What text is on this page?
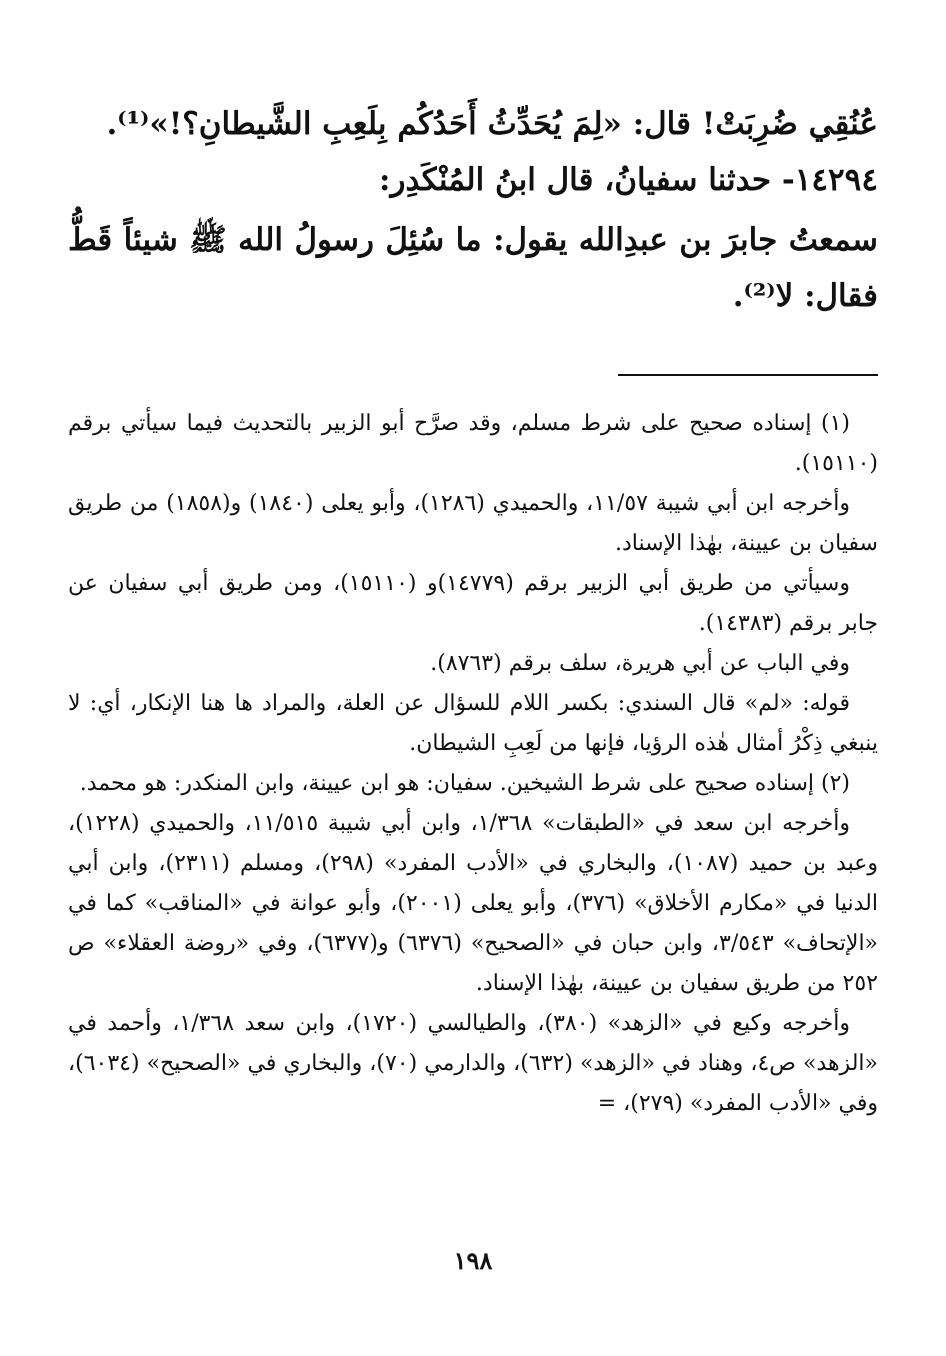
عُنُقِي ضُرِبَتْ! قال: «لِمَ يُحَدِّثُ أَحَدُكُم بِلَعِبِ الشَّيطانِ؟!»⁽¹⁾.

١٤٢٩٤- حدثنا سفيانُ، قال ابنُ المُنْكَدِر:

سمعتُ جابرَ بن عبدِالله يقول: ما سُئِلَ رسولُ الله ﷺ شيئاً قَطُّ فقال: لا⁽²⁾.

(١) إسناده صحيح على شرط مسلم، وقد صرَّح أبو الزبير بالتحديث فيما سيأتي برقم (١٥١١٠).

وأخرجه ابن أبي شيبة ١١/٥٧، والحميدي (١٢٨٦)، وأبو يعلى (١٨٤٠) و(١٨٥٨) من طريق سفيان بن عيينة، بهٰذا الإسناد.

وسيأتي من طريق أبي الزبير برقم (١٤٧٧٩)و (١٥١١٠)، ومن طريق أبي سفيان عن جابر برقم (١٤٣٨٣).

وفي الباب عن أبي هريرة، سلف برقم (٨٧٦٣).

قوله: «لم» قال السندي: بكسر اللام للسؤال عن العلة، والمراد ها هنا الإنكار، أي: لا ينبغي ذِكْرُ أمثال هٰذه الرؤيا، فإنها من لَعِبِ الشيطان.

(٢) إسناده صحيح على شرط الشيخين. سفيان: هو ابن عيينة، وابن المنكدر: هو محمد.

وأخرجه ابن سعد في «الطبقات» ١/٣٦٨، وابن أبي شيبة ١١/٥١٥، والحميدي (١٢٢٨)، وعبد بن حميد (١٠٨٧)، والبخاري في «الأدب المفرد» (٢٩٨)، ومسلم (٢٣١١)، وابن أبي الدنيا في «مكارم الأخلاق» (٣٧٦)، وأبو يعلى (٢٠٠١)، وأبو عوانة في «المناقب» كما في «الإتحاف» ٣/٥٤٣، وابن حبان في «الصحيح» (٦٣٧٦) و(٦٣٧٧)، وفي «روضة العقلاء» ص ٢٥٢ من طريق سفيان بن عيينة، بهٰذا الإسناد.

وأخرجه وكيع في «الزهد» (٣٨٠)، والطيالسي (١٧٢٠)، وابن سعد ١/٣٦٨، وأحمد في «الزهد» ص٤، وهناد في «الزهد» (٦٣٢)، والدارمي (٧٠)، والبخاري في «الصحيح» (٦٠٣٤)، وفي «الأدب المفرد» (٢٧٩)، =

١٩٨
